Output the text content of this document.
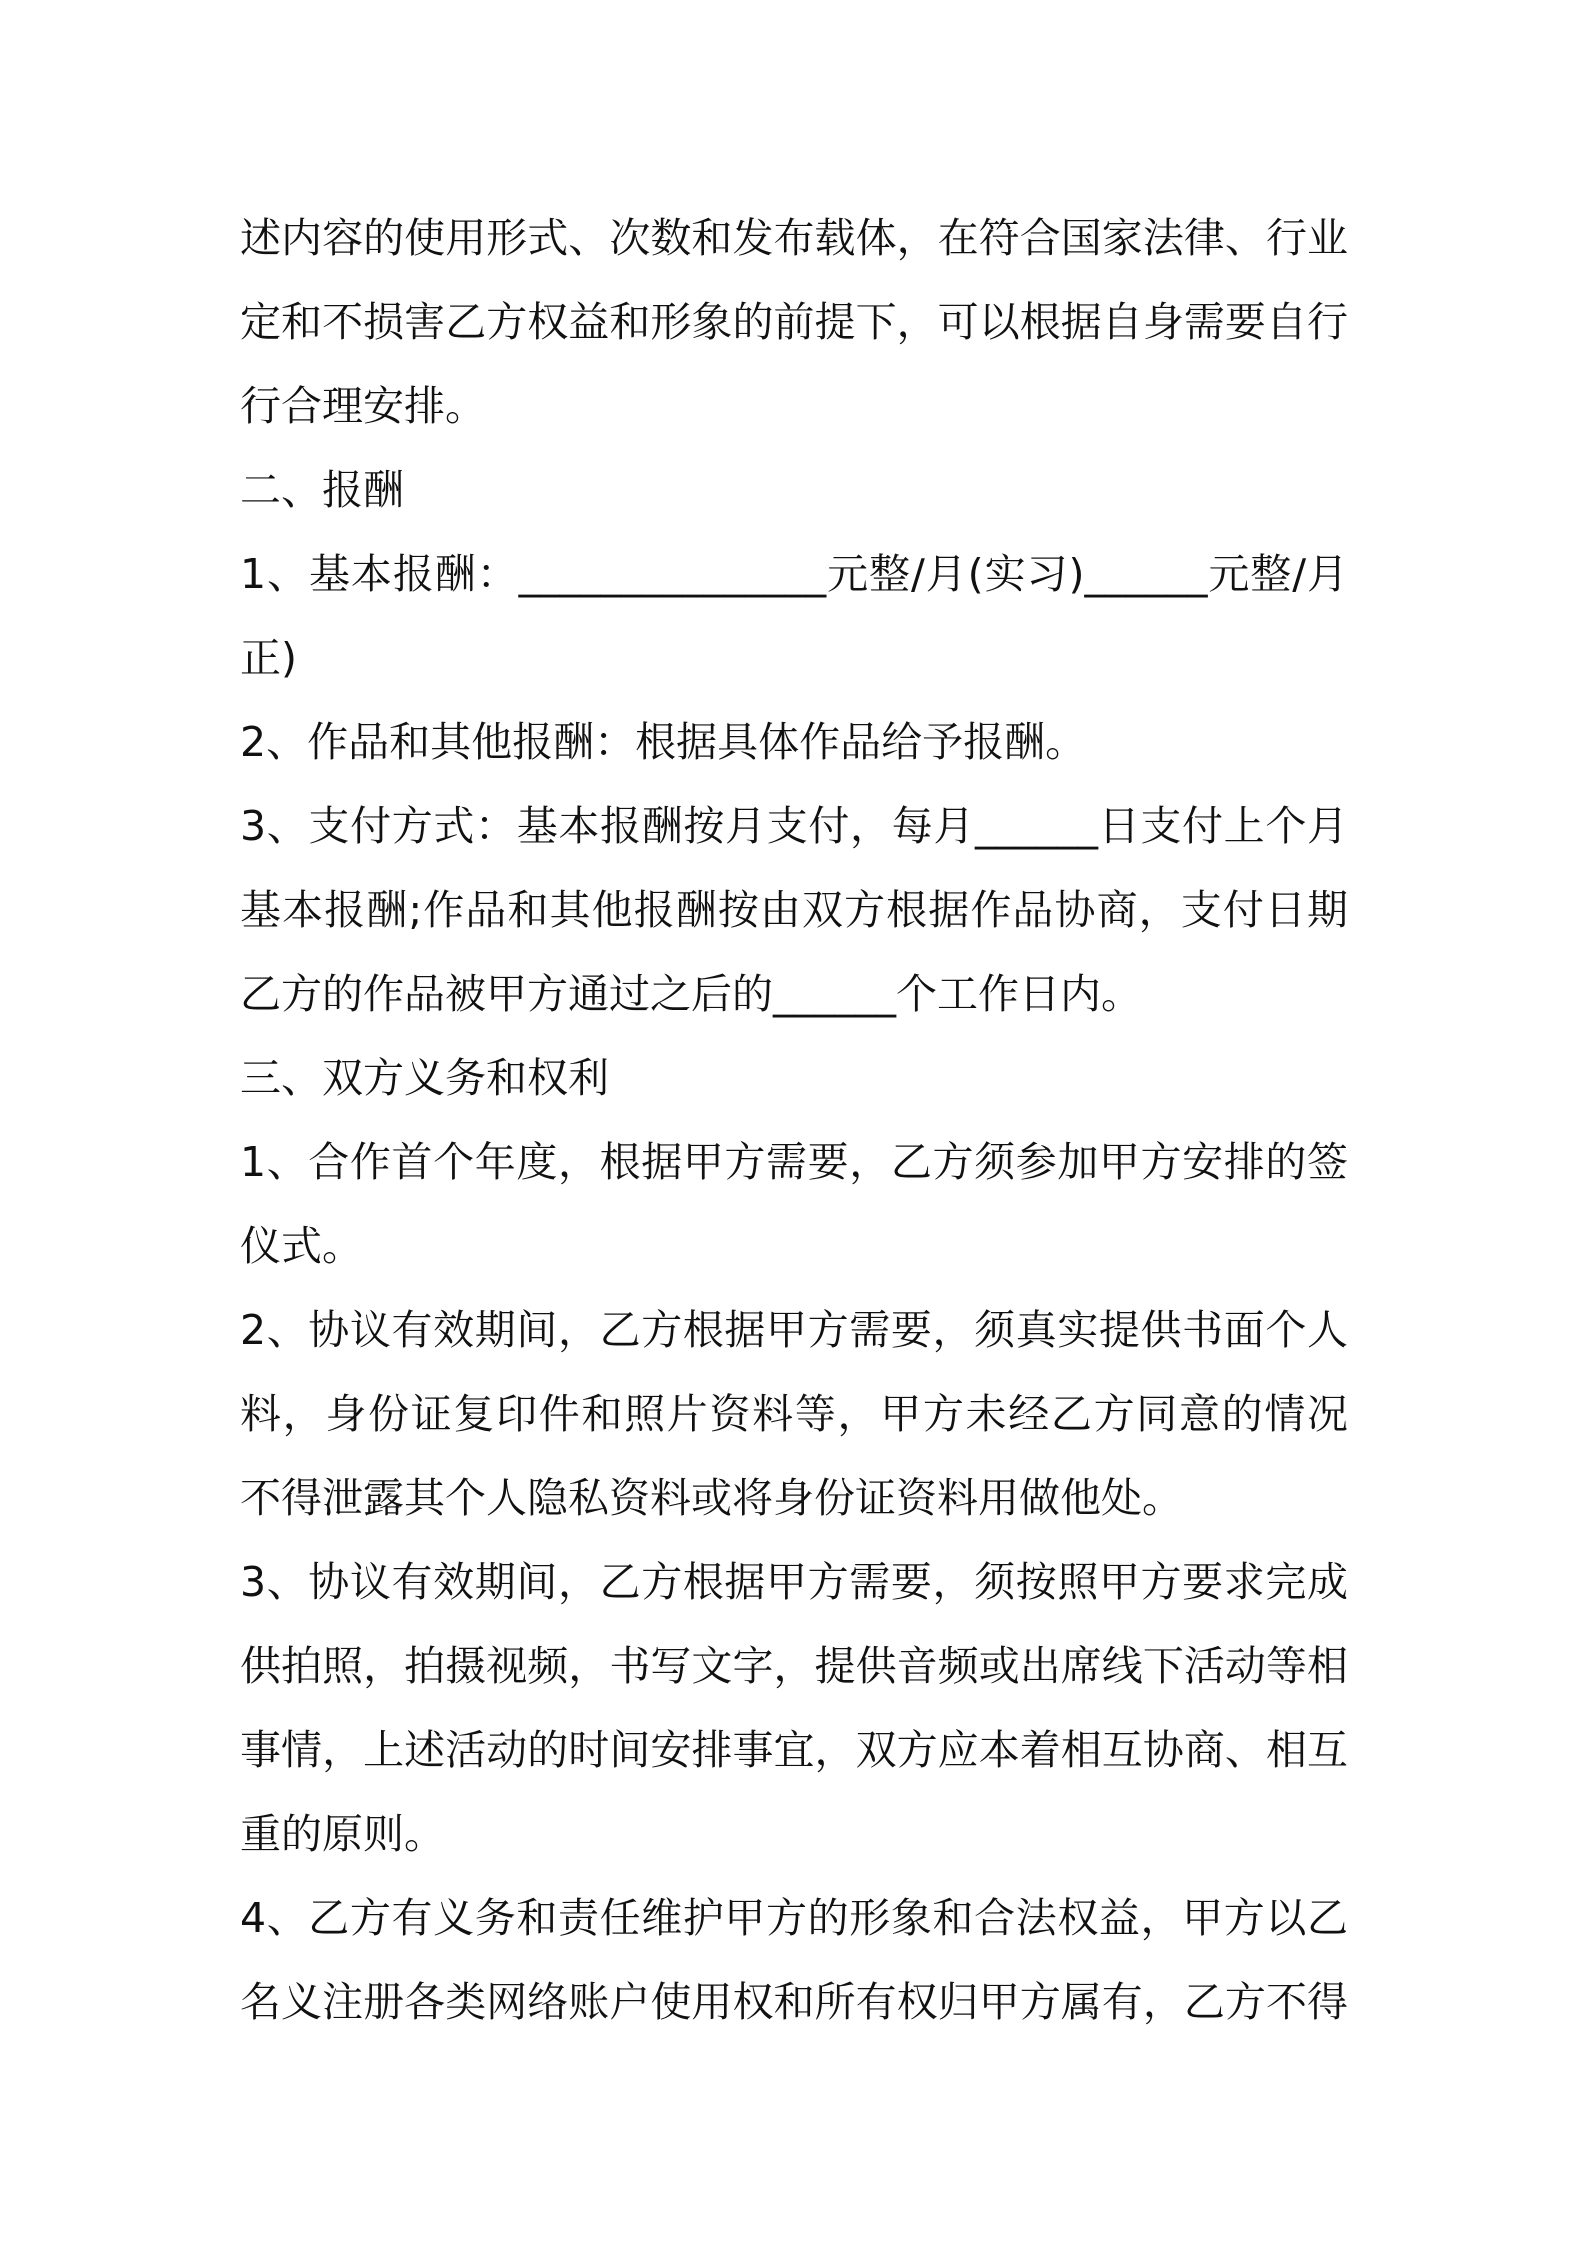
述内容的使用形式、次数和发布载体，在符合国家法律、行业
定和不损害乙方权益和形象的前提下，可以根据自身需要自行
行合理安排。
二、报酬
1、基本报酬：_______________元整/月(实习)______元整/月
正)
2、作品和其他报酬：根据具体作品给予报酬。
3、支付方式：基本报酬按月支付，每月______日支付上个月
基本报酬;作品和其他报酬按由双方根据作品协商，支付日期
乙方的作品被甲方通过之后的______个工作日内。
三、双方义务和权利
1、合作首个年度，根据甲方需要，乙方须参加甲方安排的签
仪式。
2、协议有效期间，乙方根据甲方需要，须真实提供书面个人
料，身份证复印件和照片资料等，甲方未经乙方同意的情况
不得泄露其个人隐私资料或将身份证资料用做他处。
3、协议有效期间，乙方根据甲方需要，须按照甲方要求完成
供拍照，拍摄视频，书写文字，提供音频或出席线下活动等相
事情，上述活动的时间安排事宜，双方应本着相互协商、相互
重的原则。
4、乙方有义务和责任维护甲方的形象和合法权益，甲方以乙
名义注册各类网络账户使用权和所有权归甲方属有，乙方不得
